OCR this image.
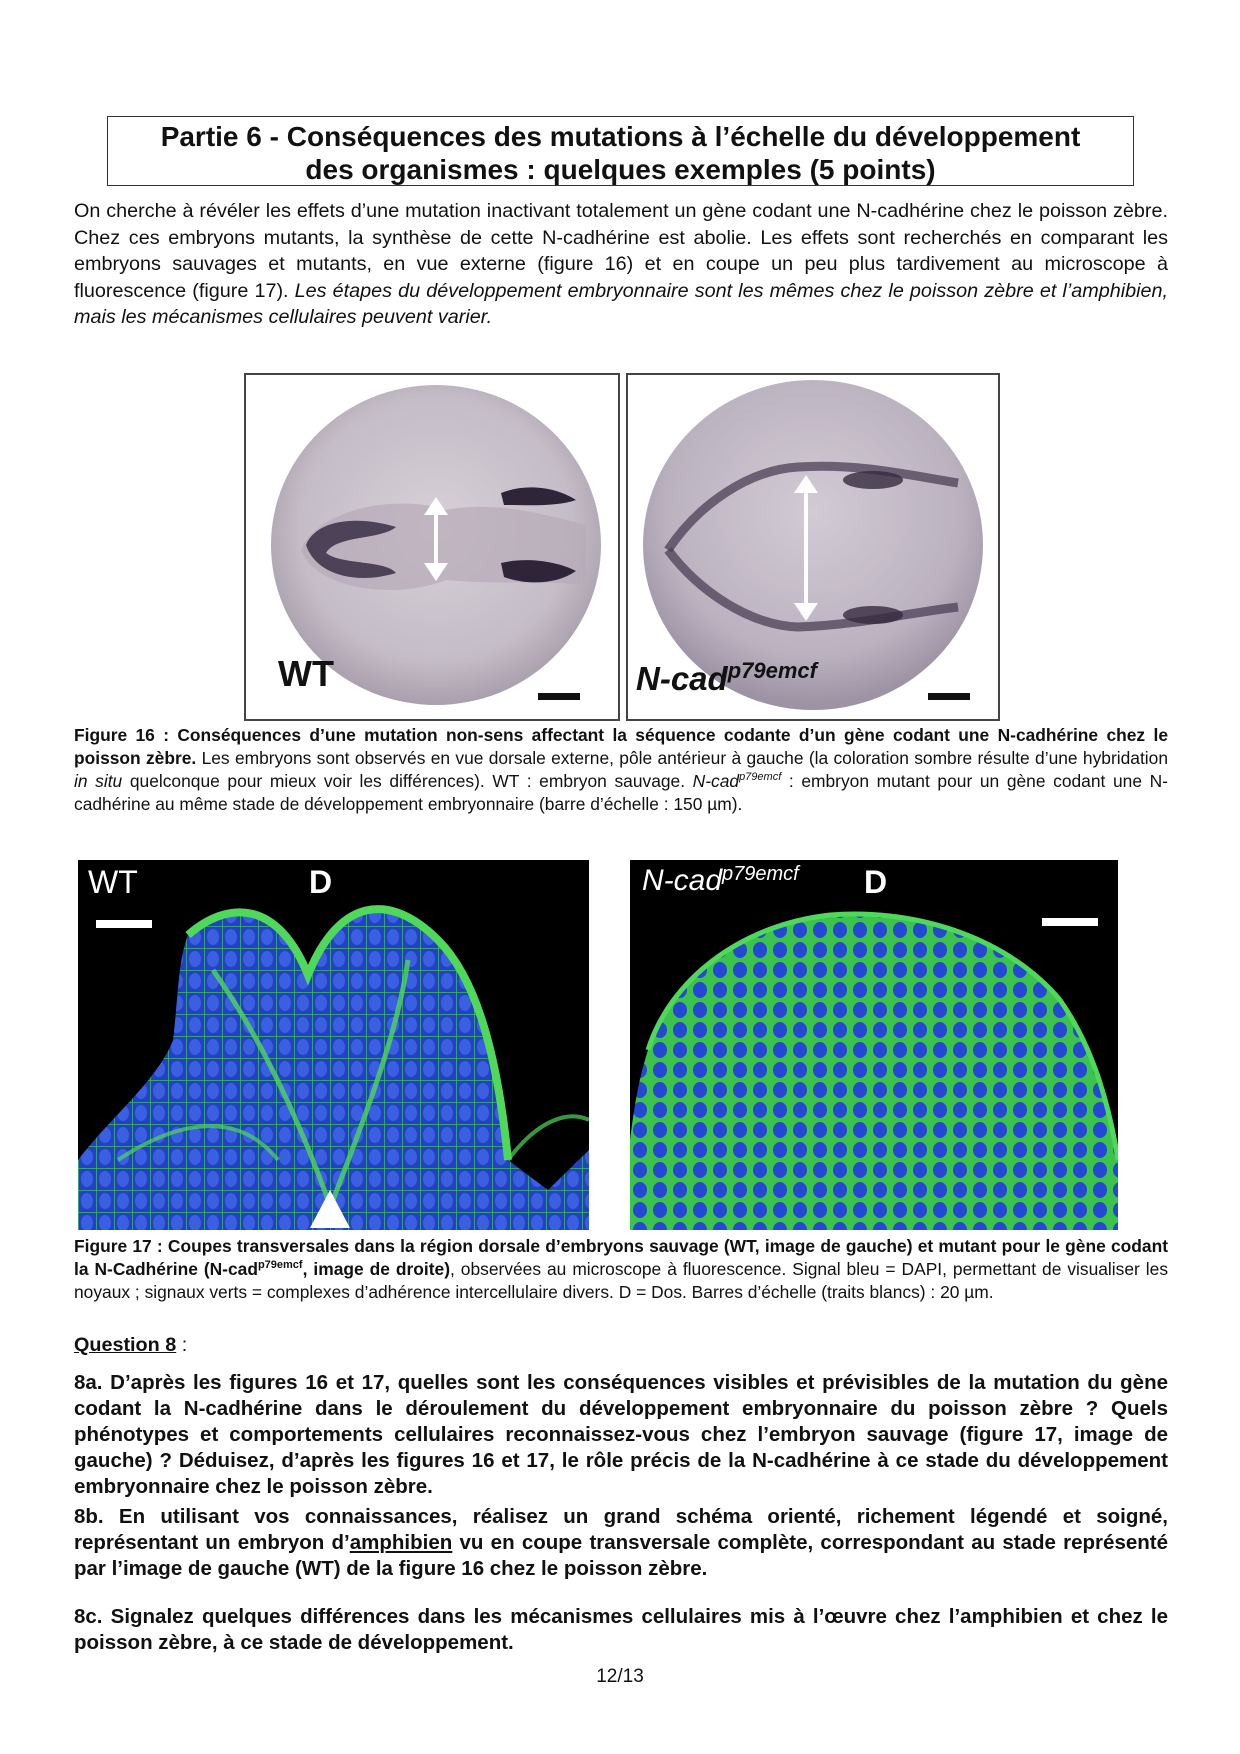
Partie 6 - Conséquences des mutations à l’échelle du développement
des organismes : quelques exemples (5 points)
On cherche à révéler les effets d’une mutation inactivant totalement un gène codant une N-cadhérine chez le poisson zèbre. Chez ces embryons mutants, la synthèse de cette N-cadhérine est abolie. Les effets sont recherchés en comparant les embryons sauvages et mutants, en vue externe (figure 16) et en coupe un peu plus tardivement au microscope à fluorescence (figure 17). Les étapes du développement embryonnaire sont les mêmes chez le poisson zèbre et l’amphibien, mais les mécanismes cellulaires peuvent varier.
WT	N-cad$^{p79emcf}$
Figure 16 : Conséquences d’une mutation non-sens affectant la séquence codante d’un gène codant une N-cadhérine chez le poisson zèbre. Les embryons sont observés en vue dorsale externe, pôle antérieur à gauche (la coloration sombre résulte d’une hybridation in situ quelconque pour mieux voir les différences). WT : embryon sauvage. N-cad$^{p79emcf}$ : embryon mutant pour un gène codant une N-cadhérine au même stade de développement embryonnaire (barre d’échelle : 150 µm).
WT	D	N-cad$^{p79emcf}$ D
Figure 17 : Coupes transversales dans la région dorsale d’embryons sauvage (WT, image de gauche) et mutant pour le gène codant la N-Cadhérine (N-cad$^{p79emcf}$, image de droite), observées au microscope à fluorescence. Signal bleu = DAPI, permettant de visualiser les noyaux ; signaux verts = complexes d’adhérence intercellulaire divers. D = Dos. Barres d’échelle (traits blancs) : 20 µm.
Question 8 :
8a. D’après les figures 16 et 17, quelles sont les conséquences visibles et prévisibles de la mutation du gène codant la N-cadhérine dans le déroulement du développement embryonnaire du poisson zèbre ? Quels phénotypes et comportements cellulaires reconnaissez-vous chez l’embryon sauvage (figure 17, image de gauche) ? Déduisez, d’après les figures 16 et 17, le rôle précis de la N-cadhérine à ce stade du développement embryonnaire chez le poisson zèbre.
8b. En utilisant vos connaissances, réalisez un grand schéma orienté, richement légendé et soigné, représentant un embryon d’amphibien vu en coupe transversale complète, correspondant au stade représenté par l’image de gauche (WT) de la figure 16 chez le poisson zèbre.
8c. Signalez quelques différences dans les mécanismes cellulaires mis à l’œuvre chez l’amphibien et chez le poisson zèbre, à ce stade de développement.
12/13
